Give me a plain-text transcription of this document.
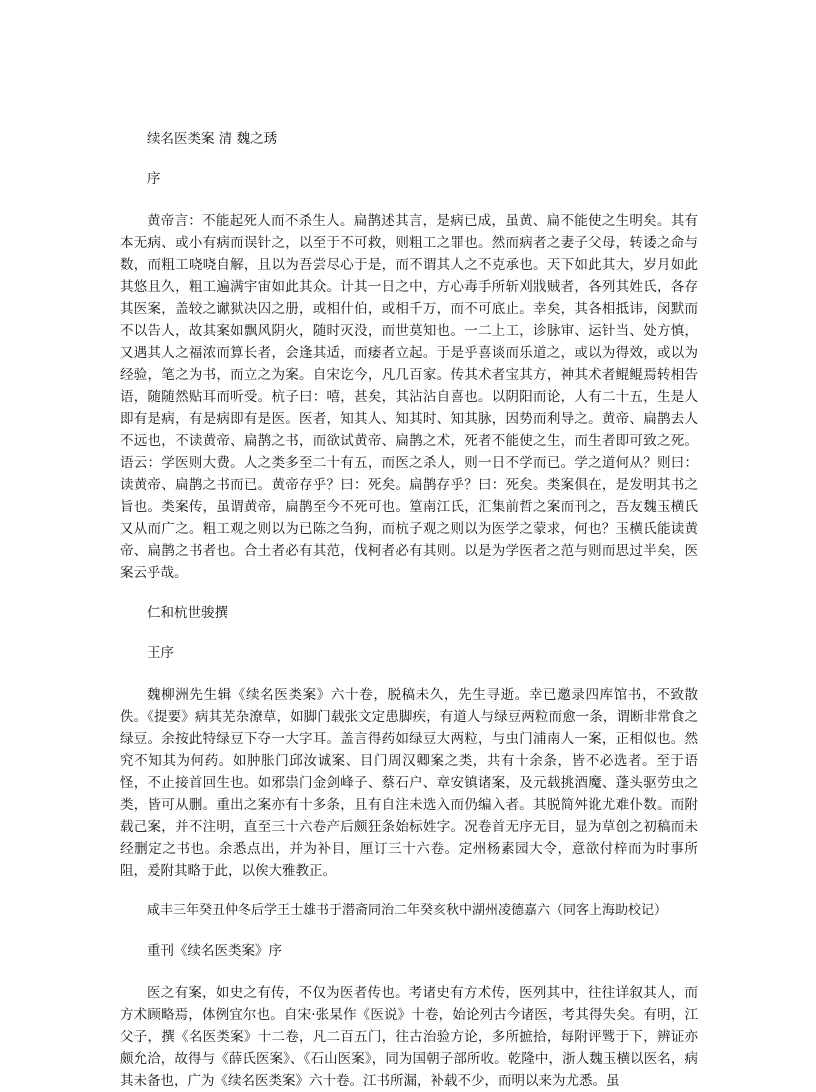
续名医类案 清 魏之琇

序

黄帝言：不能起死人而不杀生人。扁鹊述其言，是病已成，虽黄、扁不能使之生明矣。其有本无病、或小有病而误针之，以至于不可救，则粗工之罪也。然而病者之妻子父母，转诿之命与数，而粗工哓哓自解，且以为吾尝尽心于是，而不谓其人之不克承也。天下如此其大，岁月如此其悠且久，粗工遍满宇宙如此其众。计其一日之中，方心毒手所斩刈戕贼者，各列其姓氏，各存其医案，盖较之谳狱决囚之册，或相什伯，或相千万，而不可底止。幸矣，其各相抵讳，闵默而不以告人，故其案如飘风阴火，随时灭没，而世莫知也。一二上工，诊脉审、运针当、处方慎，又遇其人之福浓而算长者，会逢其适，而痿者立起。于是乎喜谈而乐道之，或以为得效，或以为经验，笔之为书，而立之为案。自宋讫今，凡几百家。传其术者宝其方，神其术者鲲鲲焉转相告语，随随然贴耳而听受。杭子曰：嘻，甚矣，其沾沾自喜也。以阴阳而论，人有二十五，生是人即有是病，有是病即有是医。医者，知其人、知其时、知其脉，因势而利导之。黄帝、扁鹊去人不远也，不读黄帝、扁鹊之书，而欲试黄帝、扁鹊之术，死者不能使之生，而生者即可致之死。语云：学医则大费。人之类多至二十有五，而医之杀人，则一日不学而已。学之道何从？则曰：读黄帝、扁鹊之书而已。黄帝存乎？曰：死矣。扁鹊存乎？曰：死矣。类案俱在，是发明其书之旨也。类案传，虽谓黄帝，扁鹊至今不死可也。篁南江氏，汇集前哲之案而刊之，吾友魏玉横氏又从而广之。粗工观之则以为已陈之刍狗，而杭子观之则以为医学之蒙求，何也？玉横氏能读黄帝、扁鹊之书者也。合土者必有其范，伐柯者必有其则。以是为学医者之范与则而思过半矣，医案云乎哉。

仁和杭世骏撰

王序

魏柳洲先生辑《续名医类案》六十卷，脱稿未久，先生寻逝。幸已邀录四库馆书，不致散佚。《提要》病其芜杂潦草，如脚门载张文定患脚疾，有道人与绿豆两粒而愈一条，谓断非常食之绿豆。余按此特绿豆下夺一大字耳。盖言得药如绿豆大两粒，与虫门浦南人一案，正相似也。然究不知其为何药。如肿胀门邱汝诚案、目门周汉卿案之类，共有十余条，皆不必选者。至于语怪，不止接首回生也。如邪祟门金剑峰子、蔡石户、章安镇诸案，及元载挑酒魔、蓬头驱劳虫之类，皆可从删。重出之案亦有十多条，且有自注未选入而仍编入者。其脱简舛讹尤难仆数。而附载己案，并不注明，直至三十六卷产后颇狂条始标姓字。况卷首无序无目，显为草创之初稿而未经删定之书也。余悉点出，并为补目，厘订三十六卷。定州杨素园大令，意欲付梓而为时事所阻，爰附其略于此，以俟大雅教正。

咸丰三年癸丑仲冬后学王士雄书于潜斋同治二年癸亥秋中湖州凌德嘉六（同客上海助校记）

重刊《续名医类案》序

医之有案，如史之有传，不仅为医者传也。考诸史有方术传，医列其中，往往详叙其人，而方术顾略焉，体例宜尔也。自宋·张杲作《医说》十卷，始论列古今诸医，考其得失矣。有明，江 父子，撰《名医类案》十二卷，凡二百五门，往古治验方论，多所摭拾，每附评骘于下，辨证亦颇允洽，故得与《薛氏医案》、《石山医案》，同为国朝子部所收。乾隆中，浙人魏玉横以医名，病其未备也，广为《续名医类案》六十卷。江书所漏，补载不少，而明以来为尤悉。虽
